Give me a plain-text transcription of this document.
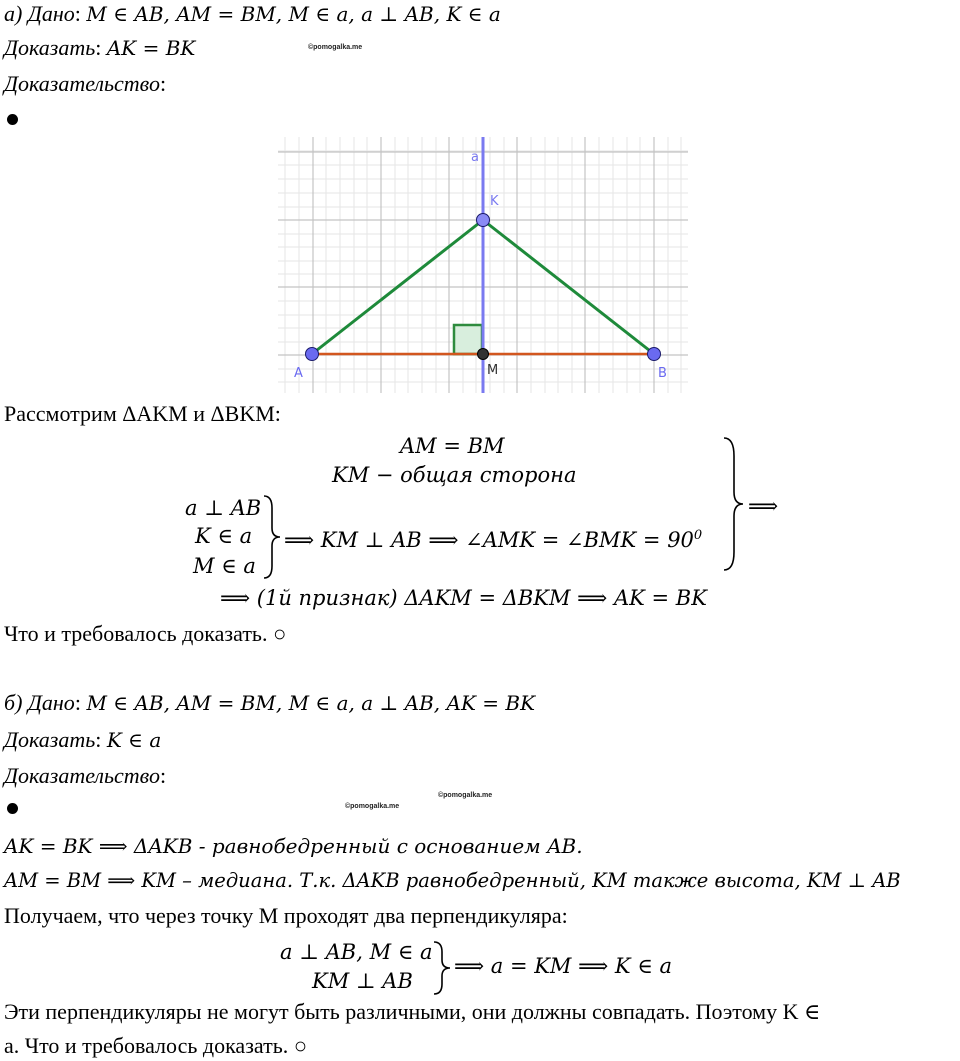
а) Дано: M ∈ AB, AM = BM, M ∈ a, a ⊥ AB, K ∈ a
Доказать: AK = BK	©pomogalka.me
Доказательство:
a
K
M
A	B
Рассмотрим ΔAKM и ΔBKM:
AM = BM
KM − общая сторона
a ⊥ AB
K ∈ a
M ∈ a
⟹ KM ⊥ AB ⟹ ∠AMK = ∠BMK = $90^0$
⟹
⟹ (1й признак) ΔAKM = ΔBKM ⟹ AK = BK
Что и требовалось доказать. ○
б) Дано: M ∈ AB, AM = BM, M ∈ a, a ⊥ AB, AK = BK
Доказать: K ∈ a
Доказательство:
©pomogalka.me
©pomogalka.me
AK = BK ⟹ ΔAKB - равнобедренный с основанием AB.
AM = BM ⟹ KM – медиана. Т.к. ΔAKB равнобедренный, KM также высота, KM ⊥ AB
Получаем, что через точку М проходят два перпендикуляра:
a ⊥ AB, M ∈ a
KM ⊥ AB
⟹ a = KM ⟹ K ∈ a
Эти перпендикуляры не могут быть различными, они должны совпадать. Поэтому K ∈
a. Что и требовалось доказать. ○
